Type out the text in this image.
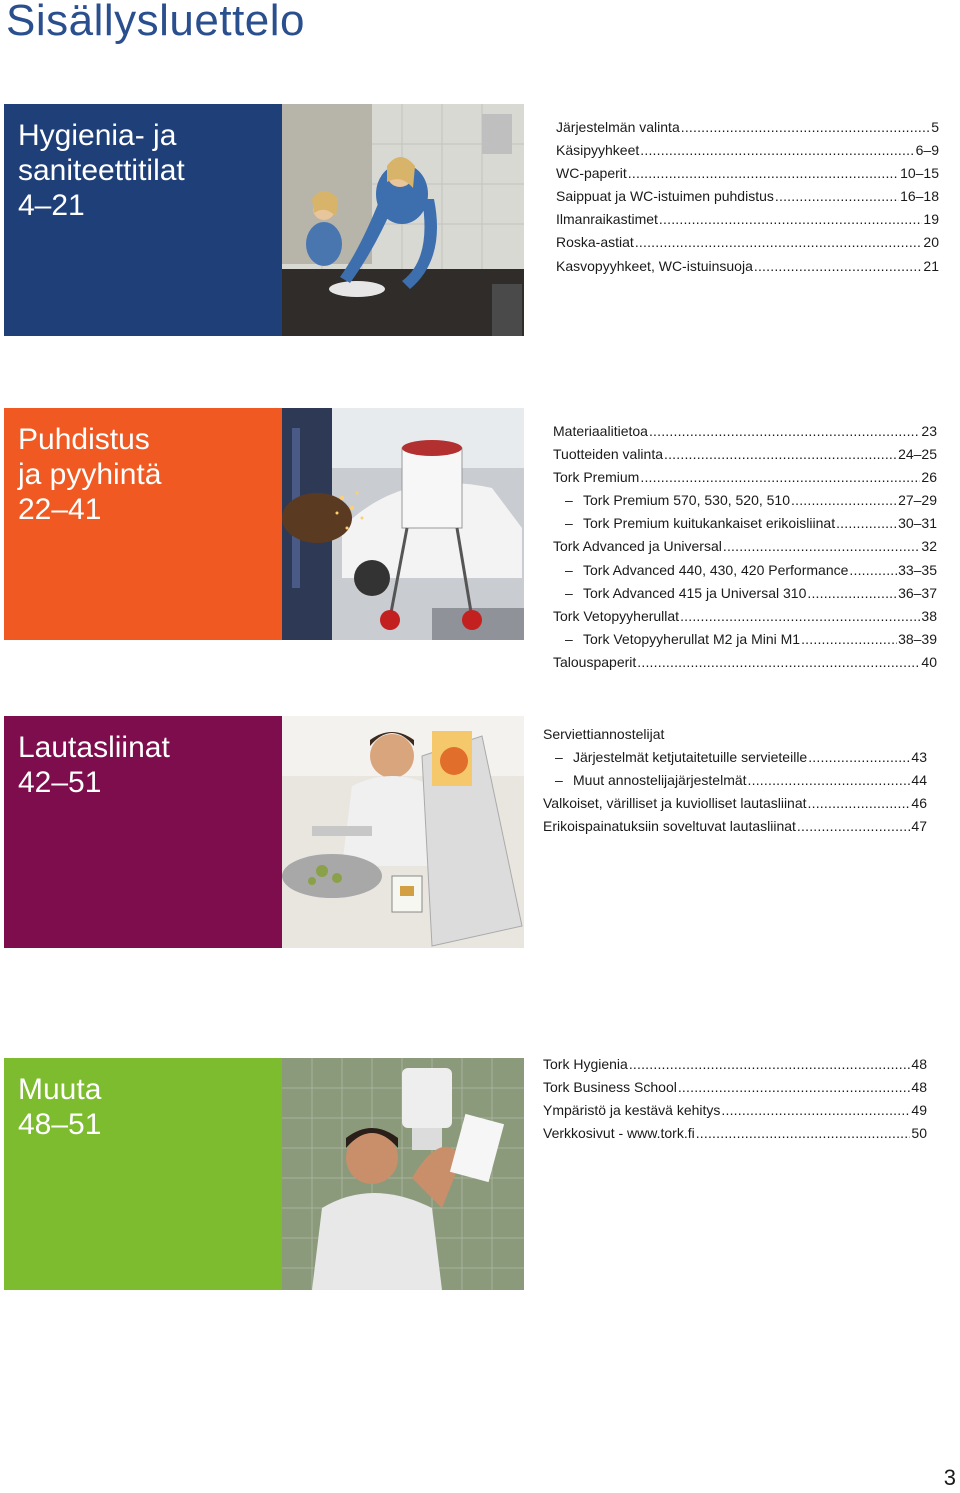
Sisällysluettelo
Hygienia- ja
saniteettitilat
4–21
Järjestelmän valinta .....	5
Käsipyyhkeet .....	6–9
WC-paperit .....	10–15
Saippuat ja WC-istuimen puhdistus .....	16–18
Ilmanraikastimet .....	19
Roska-astiat .....	20
Kasvopyyhkeet, WC-istuinsuoja .....	21
Puhdistus
ja pyyhintä
22–41
Materiaalitietoa .....	23
Tuotteiden valinta .....	24–25
Tork Premium .....	26
– Tork Premium 570, 530, 520, 510 .....	27–29
– Tork Premium kuitukankaiset erikoisliinat .....	30–31
Tork Advanced ja Universal .....	32
– Tork Advanced 440, 430, 420 Performance .....	33–35
– Tork Advanced 415 ja Universal 310 .....	36–37
Tork Vetopyyherullat .....	38
– Tork Vetopyyherullat M2 ja Mini M1 .....	38–39
Talouspaperit .....	40
Lautasliinat
42–51
Serviettiannostelijat
– Järjestelmät ketjutaitetuille servieteille .....	43
– Muut annostelijajärjestelmät .....	44
Valkoiset, värilliset ja kuviolliset lautasliinat .....	46
Erikoispainatuksiin soveltuvat lautasliinat .....	47
Muuta
48–51
Tork Hygienia .....	48
Tork Business School .....	48
Ympäristö ja kestävä kehitys .....	49
Verkkosivut - www.tork.fi .....	50
3
